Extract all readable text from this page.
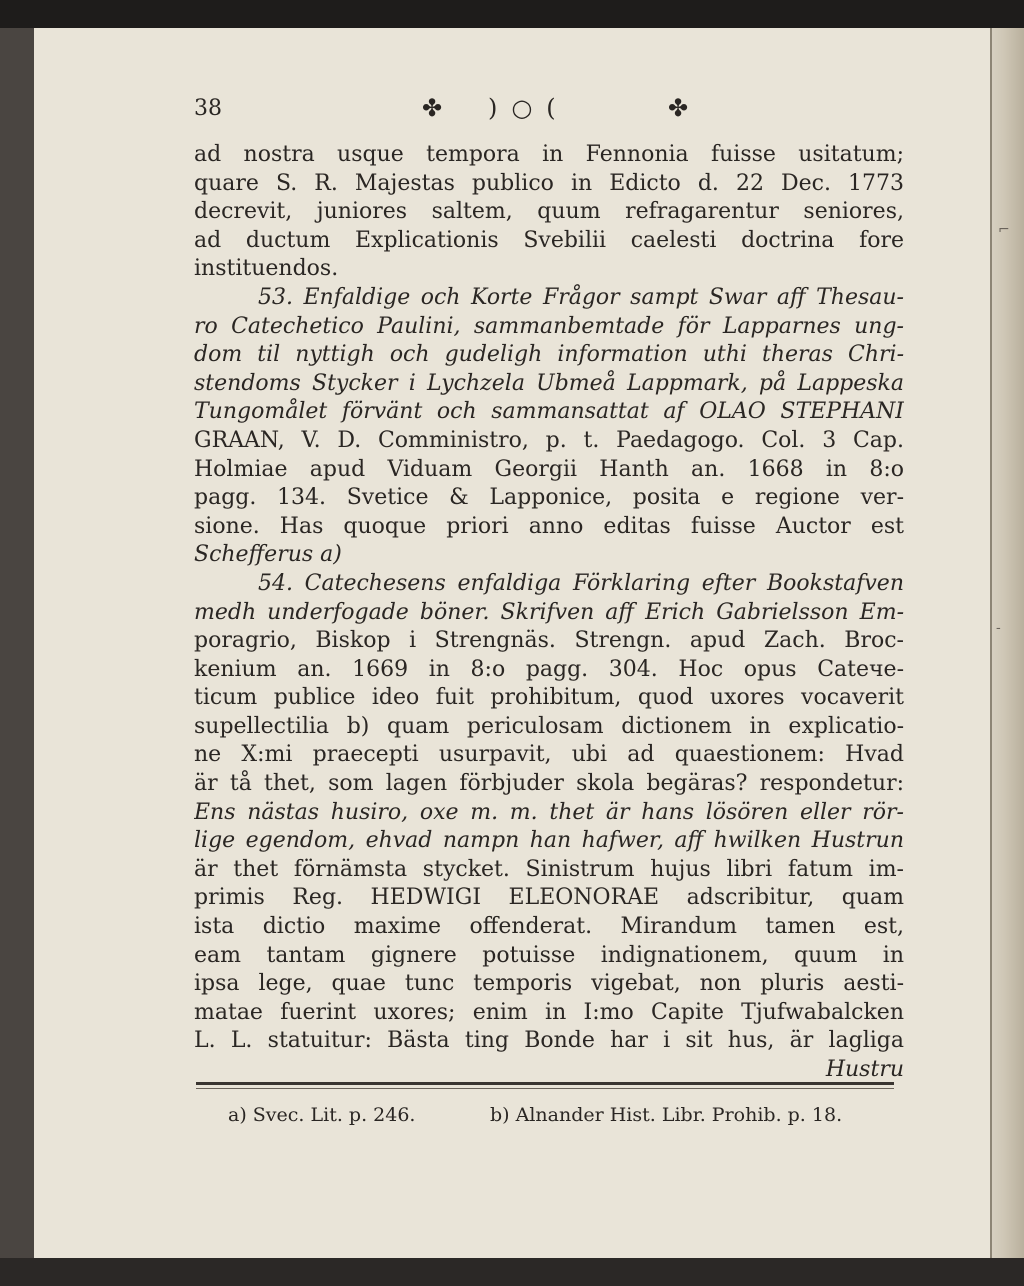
38	✤ )○(	✤
ad nostra usque tempora in Fennonia fuisse usitatum;
quare S. R. Majestas publico in Edicto d. 22 Dec. 1773
decrevit, juniores saltem, quum refragarentur seniores,
ad ductum Explicationis Svebilii caelesti doctrina fore
instituendos.
53. Enfaldige och Korte Frågor sampt Swar aff Thesau-
ro Catechetico Paulini, sammanbemtade för Lapparnes ung-
dom til nyttigh och gudeligh information uthi theras Chri-
stendoms Stycker i Lychzela Ubmeå Lappmark, på Lappeska
Tungomålet förvänt och sammansattat af OLAO STEPHANI
GRAAN, V. D. Comministro, p. t. Paedagogo. Col. 3 Cap.
Holmiae apud Viduam Georgii Hanth an. 1668 in 8:o
pagg. 134. Svetice & Lapponice, posita e regione ver-
sione. Has quoque priori anno editas fuisse Auctor est
Schefferus a)
54. Catechesens enfaldiga Förklaring efter Bookstafven
medh underfogade böner. Skrifven aff Erich Gabrielsson Em-
poragrio, Biskop i Strengnäs. Strengn. apud Zach. Broc-
kenium an. 1669 in 8:o pagg. 304. Hoc opus Catече-
ticum publice ideo fuit prohibitum, quod uxores vocaverit
supellectilia b) quam periculosam dictionem in explicatio-
ne X:mi praecepti usurpavit, ubi ad quaestionem: Hvad
är tå thet, som lagen förbjuder skola begäras? respondetur:
Ens nästas husiro, oxe m. m. thet är hans lösören eller rör-
lige egendom, ehvad nampn han hafwer, aff hwilken Hustrun
är thet förnämsta stycket. Sinistrum hujus libri fatum im-
primis Reg. HEDWIGI ELEONORAE adscribitur, quam
ista dictio maxime offenderat. Mirandum tamen est,
eam tantam gignere potuisse indignationem, quum in
ipsa lege, quae tunc temporis vigebat, non pluris aesti-
matae fuerint uxores; enim in I:mo Capite Tjufwabalcken
L. L. statuitur: Bästa ting Bonde har i sit hus, är lagliga
Hustru
a) Svec. Lit. p. 246.	b) Alnander Hist. Libr. Prohib. p. 18.
⌐
‐
